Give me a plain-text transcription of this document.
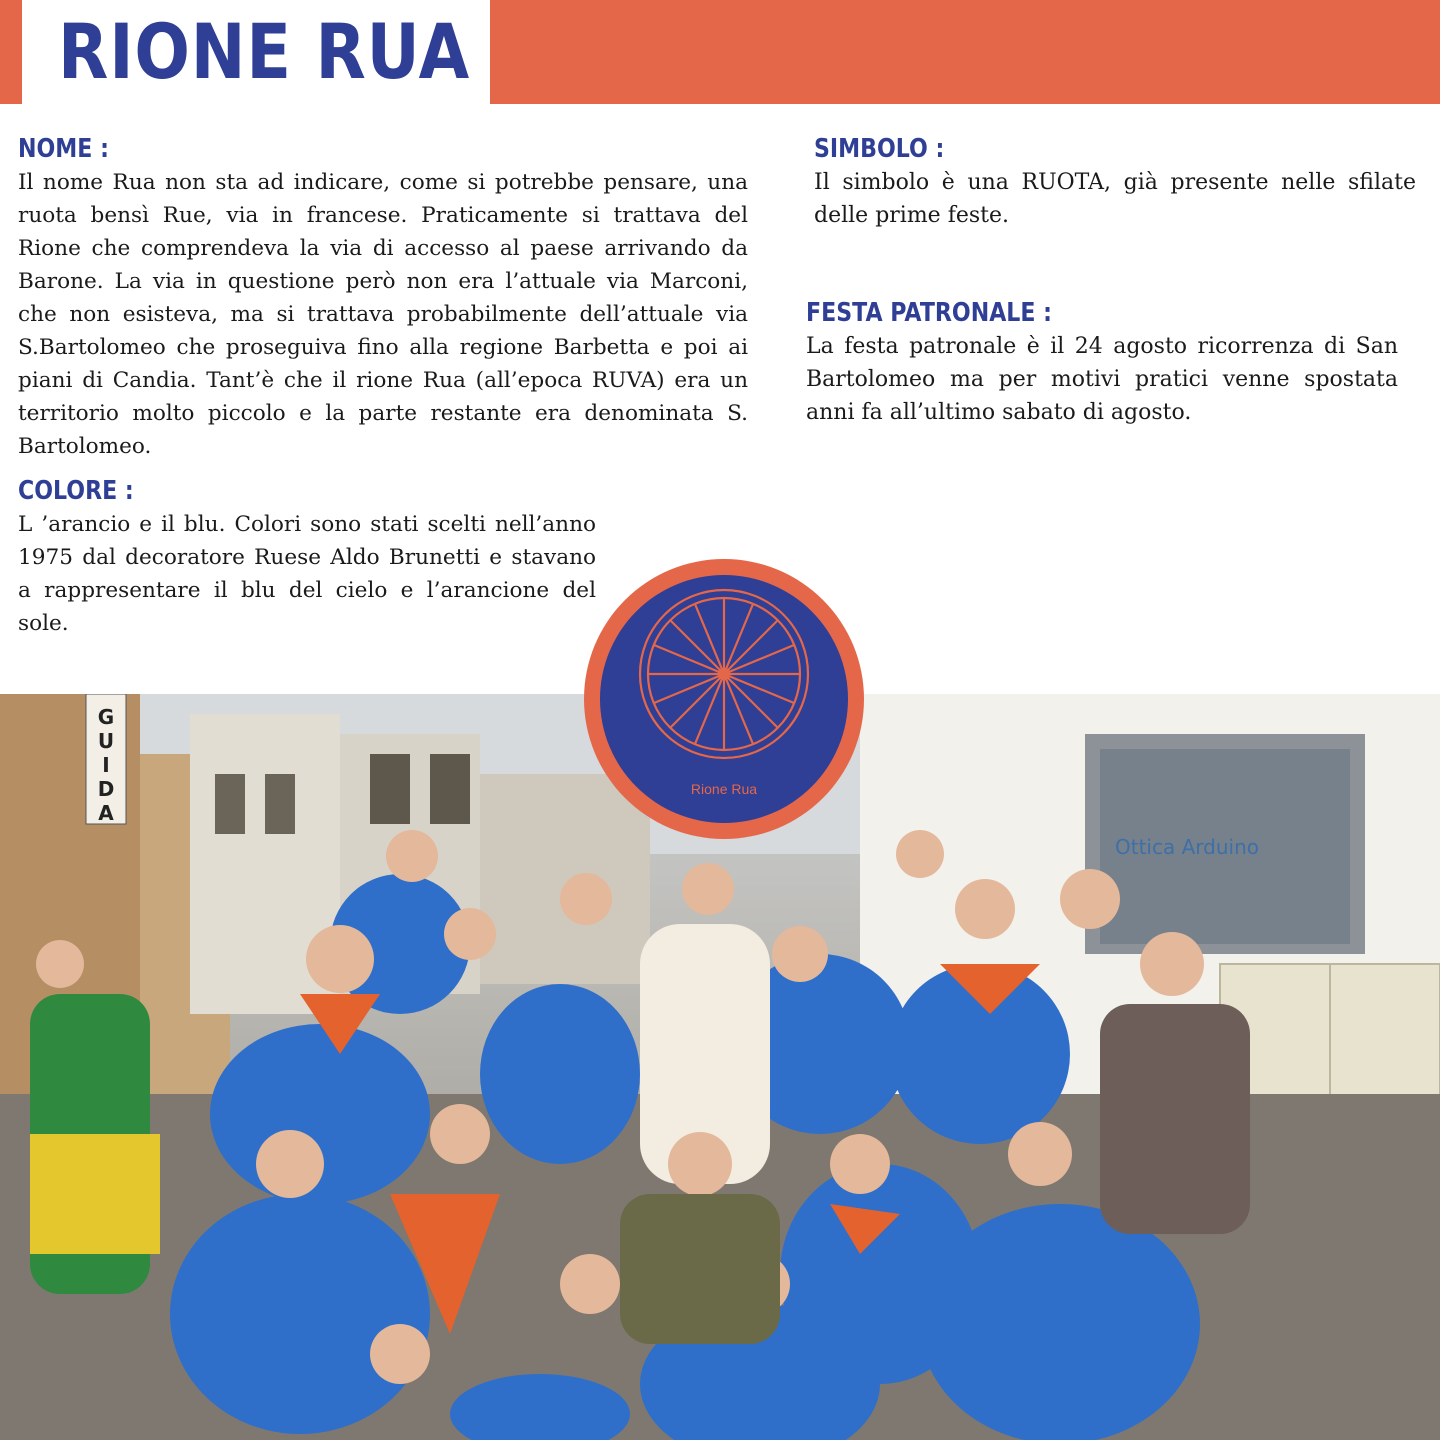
RIONE RUA
NOME :

Il nome Rua non sta ad indicare, come si potrebbe pensare, una ruota bensì Rue, via in francese. Praticamente si trattava del Rione che comprendeva la via di accesso al paese arrivando da Barone. La via in questione però non era l’attuale via Marconi, che non esisteva, ma si trattava probabilmente dell’attuale via S.Bartolomeo che proseguiva fino alla regione Barbetta e poi ai piani di Candia. Tant’è che il rione Rua (all’epoca RUVA) era un territorio molto piccolo e la parte restante era denominata S. Bartolomeo.

COLORE :

L ’arancio e il blu. Colori sono stati scelti nell’anno 1975 dal decoratore Ruese Aldo Brunetti e stavano a rappresentare il blu del cielo e l’arancione del sole.

SIMBOLO :

Il simbolo è una RUOTA, già presente nelle sfilate delle prime feste.

FESTA PATRONALE :

La festa patronale è il 24 agosto ricorrenza di San Bartolomeo ma per motivi pratici venne spostata anni fa all’ultimo sabato di agosto.

G
U
I
D
A
Ottica Arduino
Rione Rua
